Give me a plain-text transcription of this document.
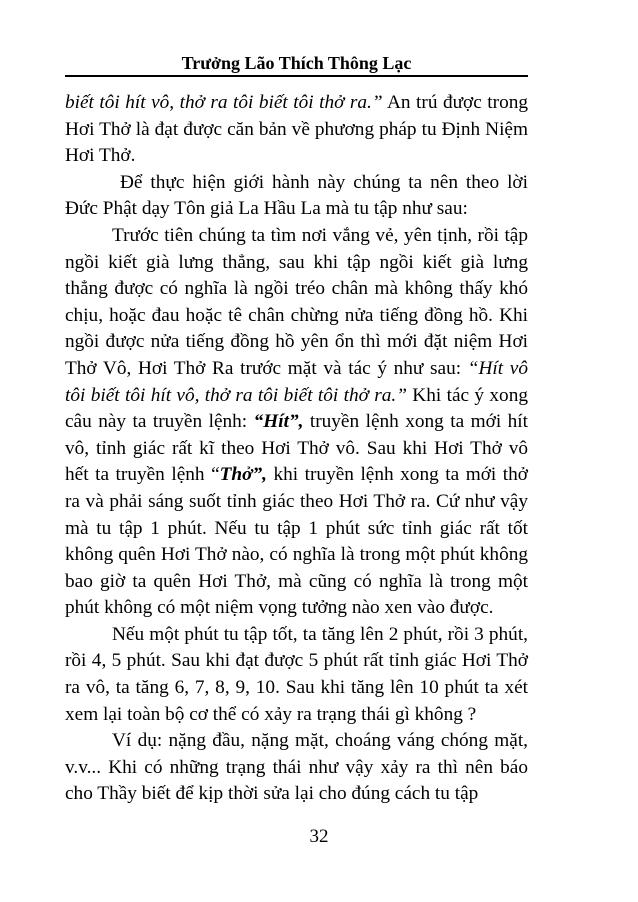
Trưởng Lão Thích Thông Lạc

biết tôi hít vô, thở ra tôi biết tôi thở ra.” An trú được trong Hơi Thở là đạt được căn bản về phương pháp tu Định Niệm Hơi Thở.

Để thực hiện giới hành này chúng ta nên theo lời Đức Phật dạy Tôn giả La Hầu La mà tu tập như sau:

Trước tiên chúng ta tìm nơi vắng vẻ, yên tịnh, rồi tập ngồi kiết già lưng thẳng, sau khi tập ngồi kiết già lưng thẳng được có nghĩa là ngồi tréo chân mà không thấy khó chịu, hoặc đau hoặc tê chân chừng nửa tiếng đồng hồ. Khi ngồi được nửa tiếng đồng hồ yên ổn thì mới đặt niệm Hơi Thở Vô, Hơi Thở Ra trước mặt và tác ý như sau: “Hít vô tôi biết tôi hít vô, thở ra tôi biết tôi thở ra.” Khi tác ý xong câu này ta truyền lệnh: “Hít”, truyền lệnh xong ta mới hít vô, tỉnh giác rất kĩ theo Hơi Thở vô. Sau khi Hơi Thở vô hết ta truyền lệnh “Thở”, khi truyền lệnh xong ta mới thở ra và phải sáng suốt tỉnh giác theo Hơi Thở ra. Cứ như vậy mà tu tập 1 phút. Nếu tu tập 1 phút sức tỉnh giác rất tốt không quên Hơi Thở nào, có nghĩa là trong một phút không bao giờ ta quên Hơi Thở, mà cũng có nghĩa là trong một phút không có một niệm vọng tưởng nào xen vào được.

Nếu một phút tu tập tốt, ta tăng lên 2 phút, rồi 3 phút, rồi 4, 5 phút. Sau khi đạt được 5 phút rất tỉnh giác Hơi Thở ra vô, ta tăng 6, 7, 8, 9, 10. Sau khi tăng lên 10 phút ta xét xem lại toàn bộ cơ thể có xảy ra trạng thái gì không ?

Ví dụ: nặng đầu, nặng mặt, choáng váng chóng mặt, v.v... Khi có những trạng thái như vậy xảy ra thì nên báo cho Thầy biết để kịp thời sửa lại cho đúng cách tu tập

32
